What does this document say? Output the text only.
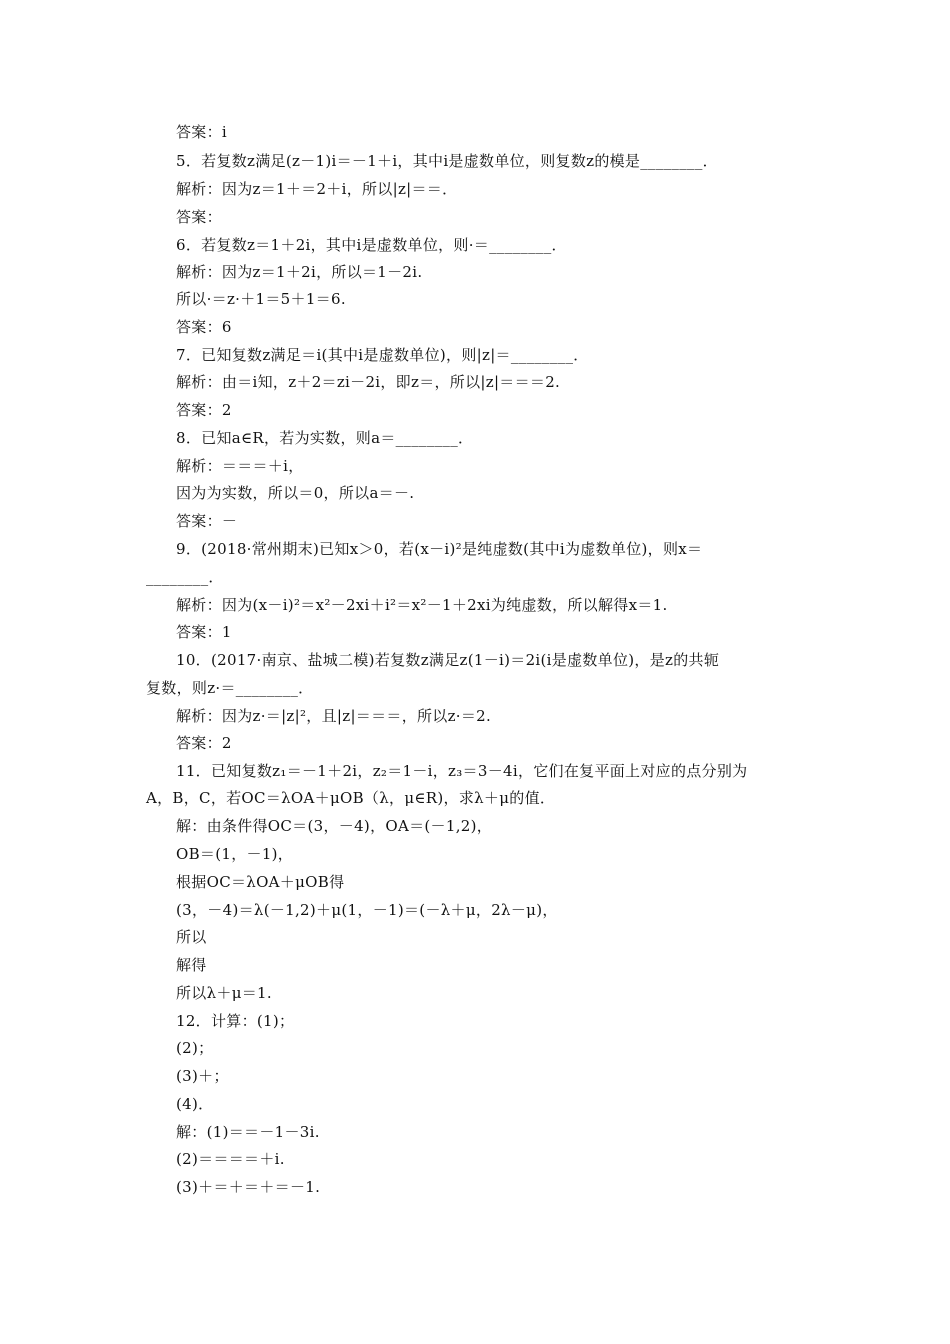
答案：i
5．若复数z满足(z－1)i＝－1＋i，其中i是虚数单位，则复数z的模是________．
解析：因为z＝1＋＝2＋i，所以|z|＝＝．
答案：
6．若复数z＝1＋2i，其中i是虚数单位，则·＝________．
解析：因为z＝1＋2i，所以＝1－2i.
所以·＝z·＋1＝5＋1＝6.
答案：6
7．已知复数z满足＝i(其中i是虚数单位)，则|z|＝________．
解析：由＝i知，z＋2＝zi－2i，即z＝，所以|z|＝＝＝2.
答案：2
8．已知a∈R，若为实数，则a＝________．
解析：＝＝＝＋i，
因为为实数，所以＝0，所以a＝－.
答案：－
9．(2018·常州期末)已知x＞0，若(x－i)²是纯虚数(其中i为虚数单位)，则x＝
________．
解析：因为(x－i)²＝x²－2xi＋i²＝x²－1＋2xi为纯虚数，所以解得x＝1.
答案：1
10．(2017·南京、盐城二模)若复数z满足z(1－i)＝2i(i是虚数单位)，是z的共轭
复数，则z·＝________．
解析：因为z·＝|z|²，且|z|＝＝＝，所以z·＝2.
答案：2
11．已知复数z₁＝－1＋2i，z₂＝1－i，z₃＝3－4i，它们在复平面上对应的点分别为
A，B，C，若OC＝λOA＋μOB（λ，μ∈R)，求λ＋μ的值．
解：由条件得OC＝(3，－4)，OA＝(－1,2)，
OB＝(1，－1)，
根据OC＝λOA＋μOB得
(3，－4)＝λ(－1,2)＋μ(1，－1)＝(－λ＋μ，2λ－μ)，
所以
解得
所以λ＋μ＝1.
12．计算：(1)；
(2)；
(3)＋；
(4)．
解：(1)＝＝－1－3i.
(2)＝＝＝＝＋i.
(3)＋＝＋＝＋＝－1.
